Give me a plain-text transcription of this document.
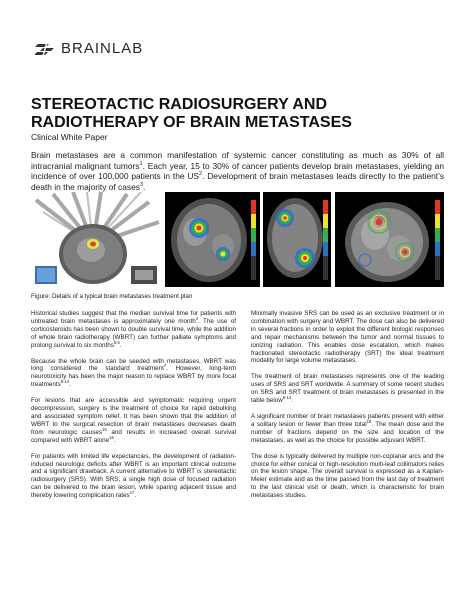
BRAINLAB
STEREOTACTIC RADIOSURGERY AND RADIOTHERAPY OF BRAIN METASTASES
Clinical White Paper

Brain metastases are a common manifestation of systemic cancer constituting as much as 30% of all intracranial malignant tumors$^1$. Each year, 15 to 30% of cancer patients develop brain metastases, yielding an incidence of over 100,000 patients in the $US^2$. Development of brain metastases leads directly to the patient’s death in the majority of cases$^3$.

Figure: Details of a typical brain metastases treatment plan

Historical studies suggest that the median survival time for patients with untreated brain metastases is approximately one month$^4$. The use of corticosteroids has been shown to double survival time, while the addition of whole brain radiotherapy (WBRT) can further palliate symptoms and prolong survival to six months$^{5,6}$.

Because the whole brain can be seeded with metastases, WBRT was long considered the standard treatment$^7$. However, long-term neurotoxicity has been the major reason to replace WBRT by more focal treatments$^{8-14}$.

For lesions that are accessible and symptomatic requiring urgent decompression, surgery is the treatment of choice for rapid debulking and associated symptom relief. It has been shown that the addition of WBRT to the surgical resection of brain metastases decreases death from neurologic causes$^{15}$ and results in increased overall survival compared with WBRT alone$^{16}$.

For patients with limited life expectancies, the development of radiation-induced neurologic deficits after WBRT is an important clinical outcome and a significant drawback. A current alternative to WBRT is stereotactic radiosurgery (SRS). With SRS, a single high dose of focused radiation can be delivered to the brain lesion, while sparing adjacent tissue and thereby lowering complication rates$^{17}$.

Minimally invasive SRS can be used as an exclusive treatment or in combination with surgery and WBRT. The dose can also be delivered in several fractions in order to exploit the different biologic responses and repair mechanisms between the tumor and normal tissues to ionizing radiation. This enables dose escalation, which makes fractionated stereotactic radiotherapy (SRT) the ideal treatment modality for large volume metastases.

The treatment of brain metastases represents one of the leading uses of SRS and SRT worldwide. A summary of some recent studies on SRS and SRT treatment of brain metastases is presented in the table below$^{8-14}$.

A significant number of brain metastases patients present with either a solitary lesion or fewer than three total$^{18}$. The mean dose and the number of fractions depend on the size and location of the metastases, as well as the choice for possible adjuvant WBRT.

The dose is typically delivered by multiple non-coplanar arcs and the choice for either conical or high-resolution multi-leaf collimators relies on the lesion shape. The overall survival is expressed as a Kaplan-Meier estimate and as the time passed from the last day of treatment to the last clinical visit or death, which is characteristic for brain metastases studies.
